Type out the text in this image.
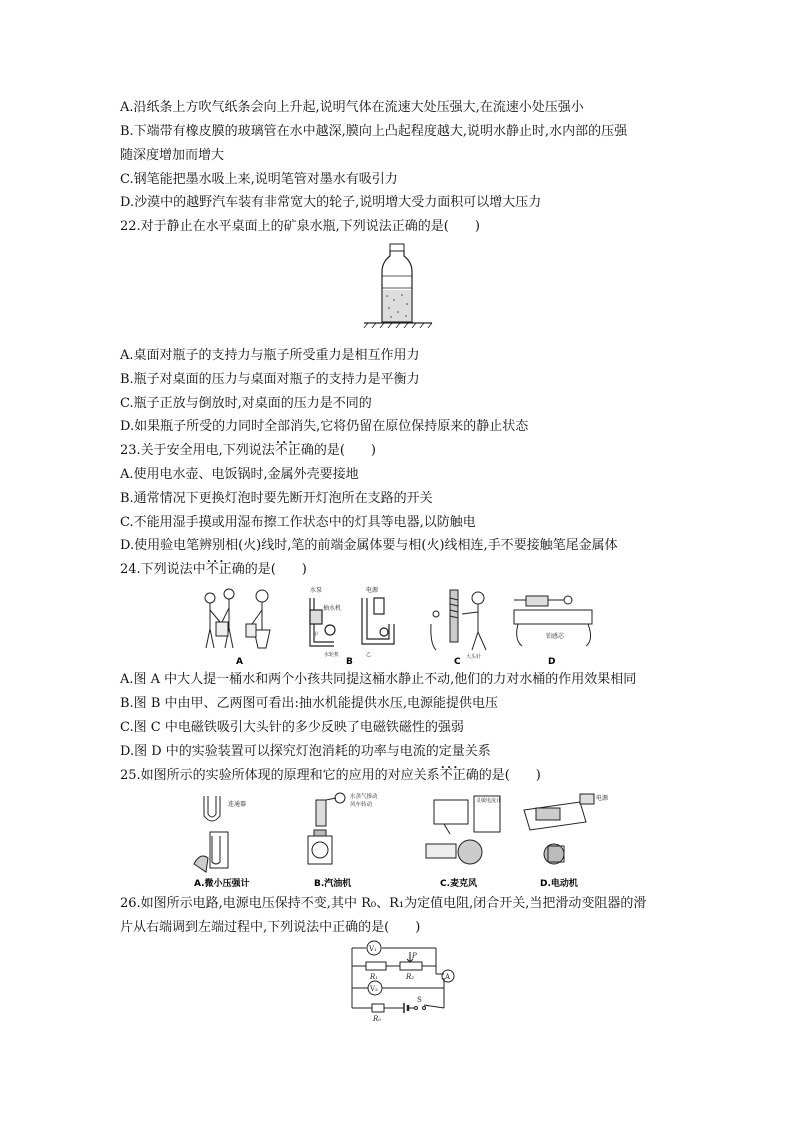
A.沿纸条上方吹气纸条会向上升起,说明气体在流速大处压强大,在流速小处压强小
B.下端带有橡皮膜的玻璃管在水中越深,膜向上凸起程度越大,说明水静止时,水内部的压强
随深度增加而增大
C.钢笔能把墨水吸上来,说明笔管对墨水有吸引力
D.沙漠中的越野汽车装有非常宽大的轮子,说明增大受力面积可以增大压力
22.对于静止在水平桌面上的矿泉水瓶,下列说法正确的是(　　)
A.桌面对瓶子的支持力与瓶子所受重力是相互作用力
B.瓶子对桌面的压力与桌面对瓶子的支持力是平衡力
C.瓶子正放与倒放时,对桌面的压力是不同的
D.如果瓶子所受的力同时全部消失,它将仍留在原位保持原来的静止状态
23.关于安全用电,下列说法不正确 • • •的是(　　)
A.使用电水壶、电饭锅时,金属外壳要接地
B.通常情况下更换灯泡时要先断开灯泡所在支路的开关
C.不能用湿手摸或用湿布擦工作状态中的灯具等电器,以防触电
D.使用验电笔辨别相(火)线时,笔的前端金属体要与相(火)线相连,手不要接触笔尾金属体
24.下列说法中不正确 • • •的是(　　)
A
水泵
抽水机
水轮机
甲
电源
乙
B	大头针
C
铂感芯
D
A.图 A 中大人提一桶水和两个小孩共同提这桶水静止不动,他们的力对水桶的作用效果相同
B.图 B 中由甲、乙两图可看出:抽水机能提供水压,电源能提供电压
C.图 C 中电磁铁吸引大头针的多少反映了电磁铁磁性的强弱
D.图 D 中的实验装置可以探究灯泡消耗的功率与电流的定量关系
25.如图所示的实验所体现的原理和它的应用的对应关系不正确 • • •的是(　　)
连通器
A.微小压强计
水蒸气推动
风车转动
B.汽油机
灵敏电流计
C.麦克风
电源
D.电动机
26.如图所示电路,电源电压保持不变,其中 R₀、R₁为定值电阻,闭合开关,当把滑动变阻器的滑
片从右端调到左端过程中,下列说法中正确的是(　　)
V₁
V₂
A
R₁	R₂
R₀
P
S
